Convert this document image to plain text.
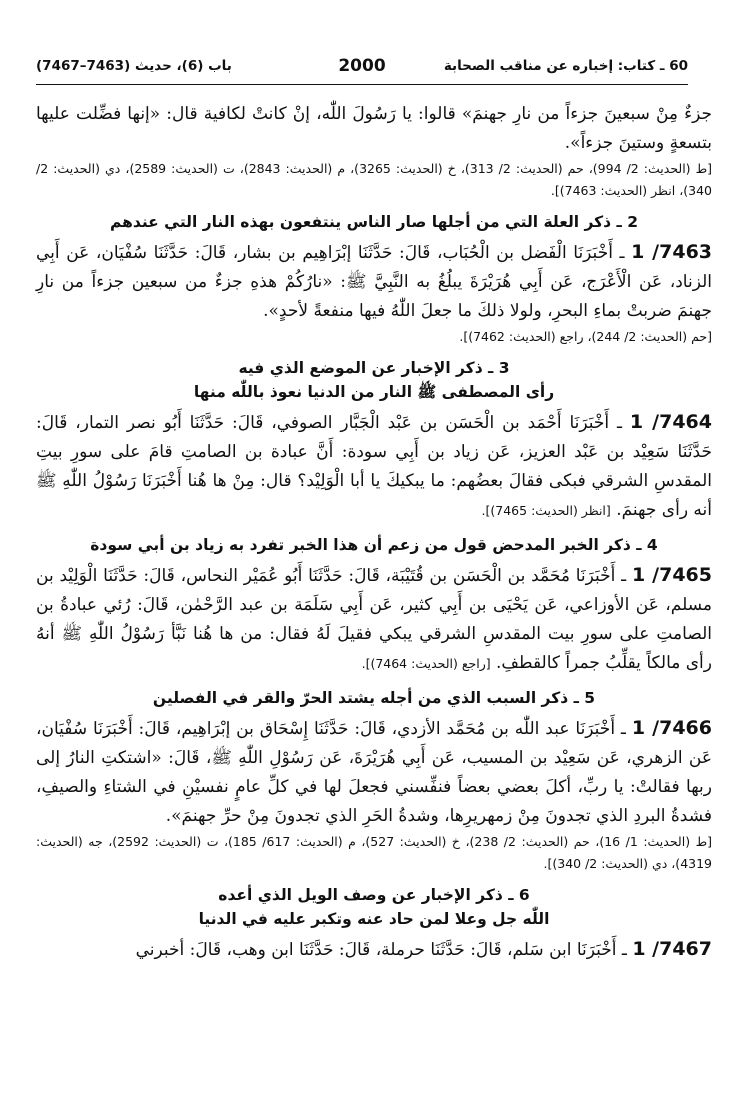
60 ـ كتاب: إخباره عن مناقب الصحابة
2000
باب (6)، حديث (7463–7467)

جزءٌ مِنْ سبعينَ جزءاً من نارِ جهنمَ» قالوا: يا رَسُولَ اللّٰه، إنْ كانتْ لكافية قال: «إنها فضِّلت عليها بتسعةٍ وستينَ جزءاً».

[ط (الحديث: 2/ 994)، حم (الحديث: 2/ 313)، خ (الحديث: 3265)، م (الحديث: 2843)، ت (الحديث: 2589)، دي (الحديث: 2/ 340)، انظر (الحديث: 7463)].

2 ـ ذكر العلة التي من أجلها صار الناس ينتفعون بهذه النار التي عندهم

7463/ 1 ـ أَخْبَرَنَا الْفَضل بن الْحُبَاب، قَالَ: حَدَّثَنَا إبْرَاهِيم بن بشار، قَالَ: حَدَّثَنَا سُفْيَان، عَن أَبِي الزناد، عَن الْأَعْرَج، عَن أَبِي هُرَيْرَةَ يبلُغُ به النَّبِيَّ ﷺ: «نارُكُمْ هذهِ جزءٌ من سبعين جزءاً من نارِ جهنمَ ضربتْ بماءِ البحرِ، ولولا ذلكَ ما جعلَ اللّٰهُ فيها منفعةً لأحدٍ».

[حم (الحديث: 2/ 244)، راجع (الحديث: 7462)].

3 ـ ذكر الإخبار عن الموضع الذي فيه
رأى المصطفى ﷺ النار من الدنيا نعوذ باللّٰه منها

7464/ 1 ـ أَخْبَرَنَا أَحْمَد بن الْحَسَن بن عَبْد الْجَبَّار الصوفي، قَالَ: حَدَّثَنَا أَبُو نصر التمار، قَالَ: حَدَّثَنَا سَعِيْد بن عَبْد العزيز، عَن زياد بن أَبِي سودة: أَنَّ عبادة بن الصامتِ قامَ على سورِ بيتِ المقدسِ الشرقي فبكى فقالَ بعضُهم: ما يبكيكَ يا أبا الْوَلِيْد؟ قال: مِنْ ها هُنا أَخْبَرَنَا رَسُوْلُ اللّٰهِ ﷺ أنه رأى جهنمَ. [انظر (الحديث: 7465)].

4 ـ ذكر الخبر المدحض قول من زعم أن هذا الخبر تفرد به زياد بن أبي سودة

7465/ 1 ـ أَخْبَرَنَا مُحَمَّد بن الْحَسَن بن قُتَيْبَة، قَالَ: حَدَّثَنَا أَبُو عُمَيْر النحاس، قَالَ: حَدَّثَنَا الْوَلِيْد بن مسلم، عَن الأوزاعي، عَن يَحْيَى بن أَبِي كثير، عَن أَبِي سَلَمَة بن عبد الرَّحْمٰن، قَالَ: رُئي عبادةُ بن الصامتِ على سورِ بيت المقدسِ الشرقي يبكي فقيلَ لَهُ فقال: من ها هُنا نَبَّأ رَسُوْلُ اللّٰهِ ﷺ أنهُ رأى مالكاً يقلِّبُ جمراً كالقطفِ. [راجع (الحديث: 7464)].

5 ـ ذكر السبب الذي من أجله يشتد الحرّ والقر في الفصلين

7466/ 1 ـ أَخْبَرَنَا عبد اللّٰه بن مُحَمَّد الأزدي، قَالَ: حَدَّثَنَا إِسْحَاق بن إبْرَاهِيم، قَالَ: أَخْبَرَنَا سُفْيَان، عَن الزهري، عَن سَعِيْد بن المسيب، عَن أَبِي هُرَيْرَةَ، عَن رَسُوْلِ اللّٰهِ ﷺ، قَالَ: «اشتكتِ النارُ إلى ربها فقالتْ: يا ربِّ، أكلَ بعضي بعضاً فنفِّسني فجعلَ لها في كلِّ عامٍ نفسيْنِ في الشتاءِ والصيفِ، فشدةُ البردِ الذي تجدونَ مِنْ زمهريرِها، وشدةُ الحَرِ الذي تجدونَ مِنْ حرِّ جهنمَ».

[ط (الحديث: 1/ 16)، حم (الحديث: 2/ 238)، خ (الحديث: 527)، م (الحديث: 617/ 185)، ت (الحديث: 2592)، جه (الحديث: 4319)، دي (الحديث: 2/ 340)].

6 ـ ذكر الإخبار عن وصف الويل الذي أعده
اللّٰه جل وعلا لمن حاد عنه وتكبر عليه في الدنيا

7467/ 1 ـ أَخْبَرَنَا ابن سَلم، قَالَ: حَدَّثَنَا حرملة، قَالَ: حَدَّثَنَا ابن وهب، قَالَ: أخبرني
